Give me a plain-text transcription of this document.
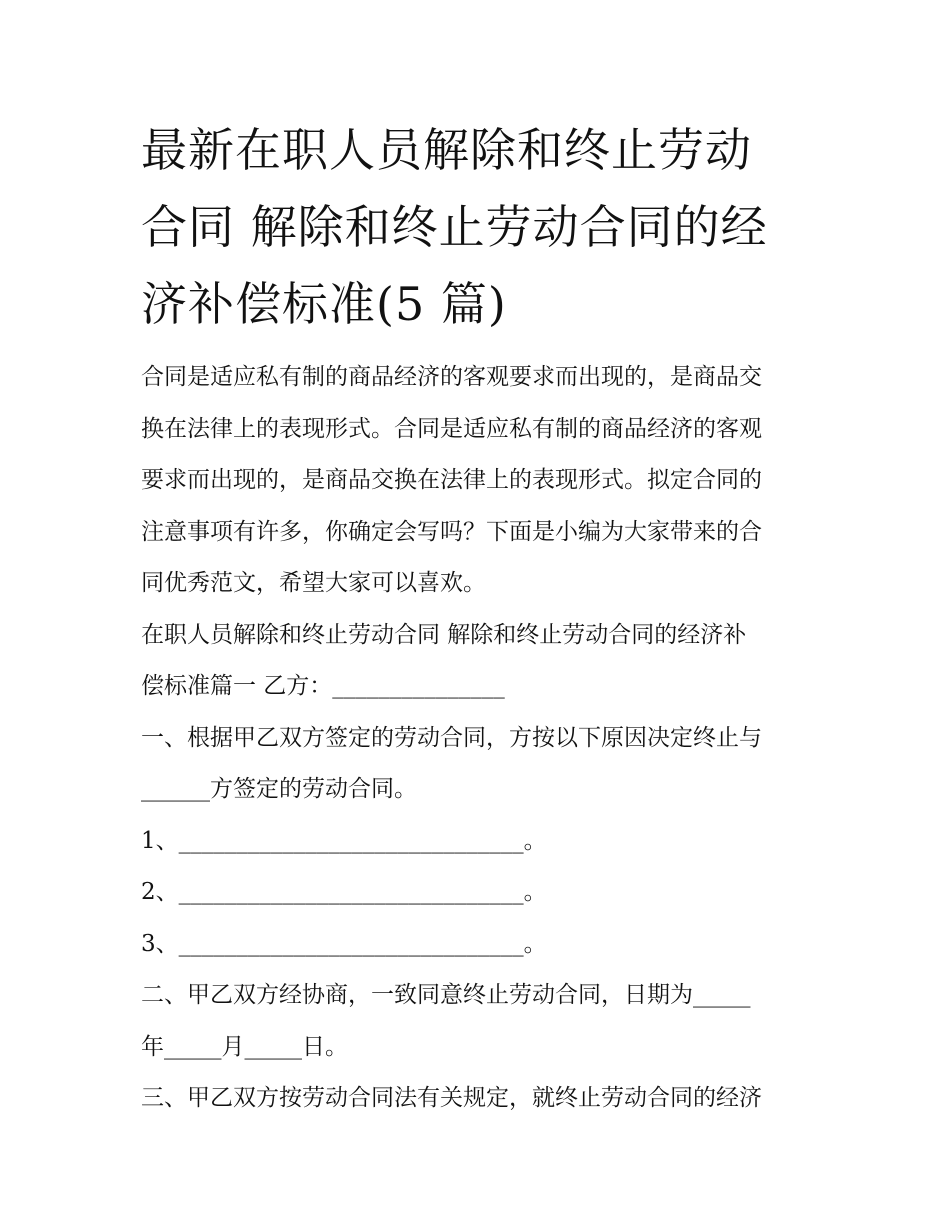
最新在职人员解除和终止劳动
合同 解除和终止劳动合同的经
济补偿标准(5 篇)
合同是适应私有制的商品经济的客观要求而出现的，是商品交
换在法律上的表现形式。合同是适应私有制的商品经济的客观
要求而出现的，是商品交换在法律上的表现形式。拟定合同的
注意事项有许多，你确定会写吗？下面是小编为大家带来的合
同优秀范文，希望大家可以喜欢。
在职人员解除和终止劳动合同 解除和终止劳动合同的经济补
偿标准篇一 乙方：_______________
一、根据甲乙双方签定的劳动合同，方按以下原因决定终止与
______方签定的劳动合同。
1、______________________________。
2、______________________________。
3、______________________________。
二、甲乙双方经协商，一致同意终止劳动合同，日期为_____
年_____月_____日。
三、甲乙双方按劳动合同法有关规定，就终止劳动合同的经济
